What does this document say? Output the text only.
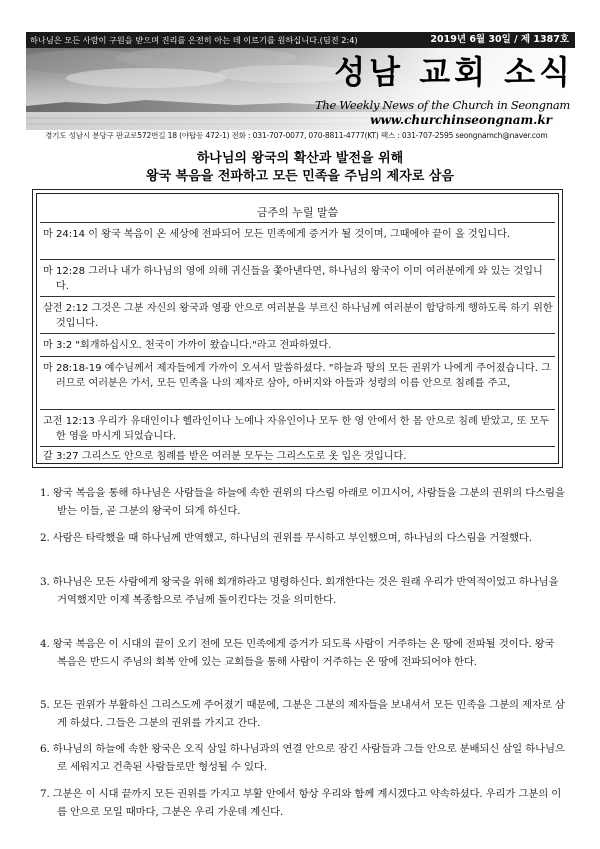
하나님은 모든 사람이 구원을 받으며 진리를 온전히 아는 데 이르기를 원하십니다.(딤전 2:4)	2019년 6월 30일 / 제 1387호
성남 교회 소식
The Weekly News of the Church in Seongnam
www.churchinseongnam.kr
경기도 성남시 분당구 판교로572번길 18 (야탑동 472-1) 전화 : 031-707-0077, 070-8811-4777(KT) 팩스 : 031-707-2595 seongnamch@naver.com
하나님의 왕국의 확산과 발전을 위해
왕국 복음을 전파하고 모든 민족을 주님의 제자로 삼음
금주의 누릴 말씀
마 24:14 이 왕국 복음이 온 세상에 전파되어 모든 민족에게 증거가 될 것이며, 그때에야 끝이 올 것입니다.
마 12:28 그러나 내가 하나님의 영에 의해 귀신들을 쫓아낸다면, 하나님의 왕국이 이미 여러분에게 와 있는 것입니다.
살전 2:12 그것은 그분 자신의 왕국과 영광 안으로 여러분을 부르신 하나님께 여러분이 합당하게 행하도록 하기 위한 것입니다.
마 3:2 "회개하십시오. 천국이 가까이 왔습니다."라고 전파하였다.
마 28:18-19 예수님께서 제자들에게 가까이 오셔서 말씀하셨다. "하늘과 땅의 모든 권위가 나에게 주어졌습니다. 그러므로 여러분은 가서, 모든 민족을 나의 제자로 삼아, 아버지와 아들과 성령의 이름 안으로 침례를 주고,
고전 12:13 우리가 유대인이나 헬라인이나 노예나 자유인이나 모두 한 영 안에서 한 몸 안으로 침례 받았고, 또 모두 한 영을 마시게 되었습니다.
갈 3:27 그리스도 안으로 침례를 받은 여러분 모두는 그리스도로 옷 입은 것입니다.
1. 왕국 복음을 통해 하나님은 사람들을 하늘에 속한 권위의 다스림 아래로 이끄시어, 사람들을 그분의 권위의 다스림을 받는 이들, 곧 그분의 왕국이 되게 하신다.
2. 사람은 타락했을 때 하나님께 반역했고, 하나님의 권위를 무시하고 부인했으며, 하나님의 다스림을 거절했다.
3. 하나님은 모든 사람에게 왕국을 위해 회개하라고 명령하신다. 회개한다는 것은 원래 우리가 반역적이었고 하나님을 거역했지만 이제 복종함으로 주님께 돌이킨다는 것을 의미한다.
4. 왕국 복음은 이 시대의 끝이 오기 전에 모든 민족에게 증거가 되도록 사람이 거주하는 온 땅에 전파될 것이다. 왕국 복음은 반드시 주님의 회복 안에 있는 교회들을 통해 사람이 거주하는 온 땅에 전파되어야 한다.
5. 모든 권위가 부활하신 그리스도께 주어졌기 때문에, 그분은 그분의 제자들을 보내셔서 모든 민족을 그분의 제자로 삼게 하셨다. 그들은 그분의 권위를 가지고 간다.
6. 하나님의 하늘에 속한 왕국은 오직 삼일 하나님과의 연결 안으로 잠긴 사람들과 그들 안으로 분배되신 삼일 하나님으로 세워지고 건축된 사람들로만 형성될 수 있다.
7. 그분은 이 시대 끝까지 모든 권위를 가지고 부활 안에서 항상 우리와 함께 계시겠다고 약속하셨다. 우리가 그분의 이름 안으로 모일 때마다, 그분은 우리 가운데 계신다.
